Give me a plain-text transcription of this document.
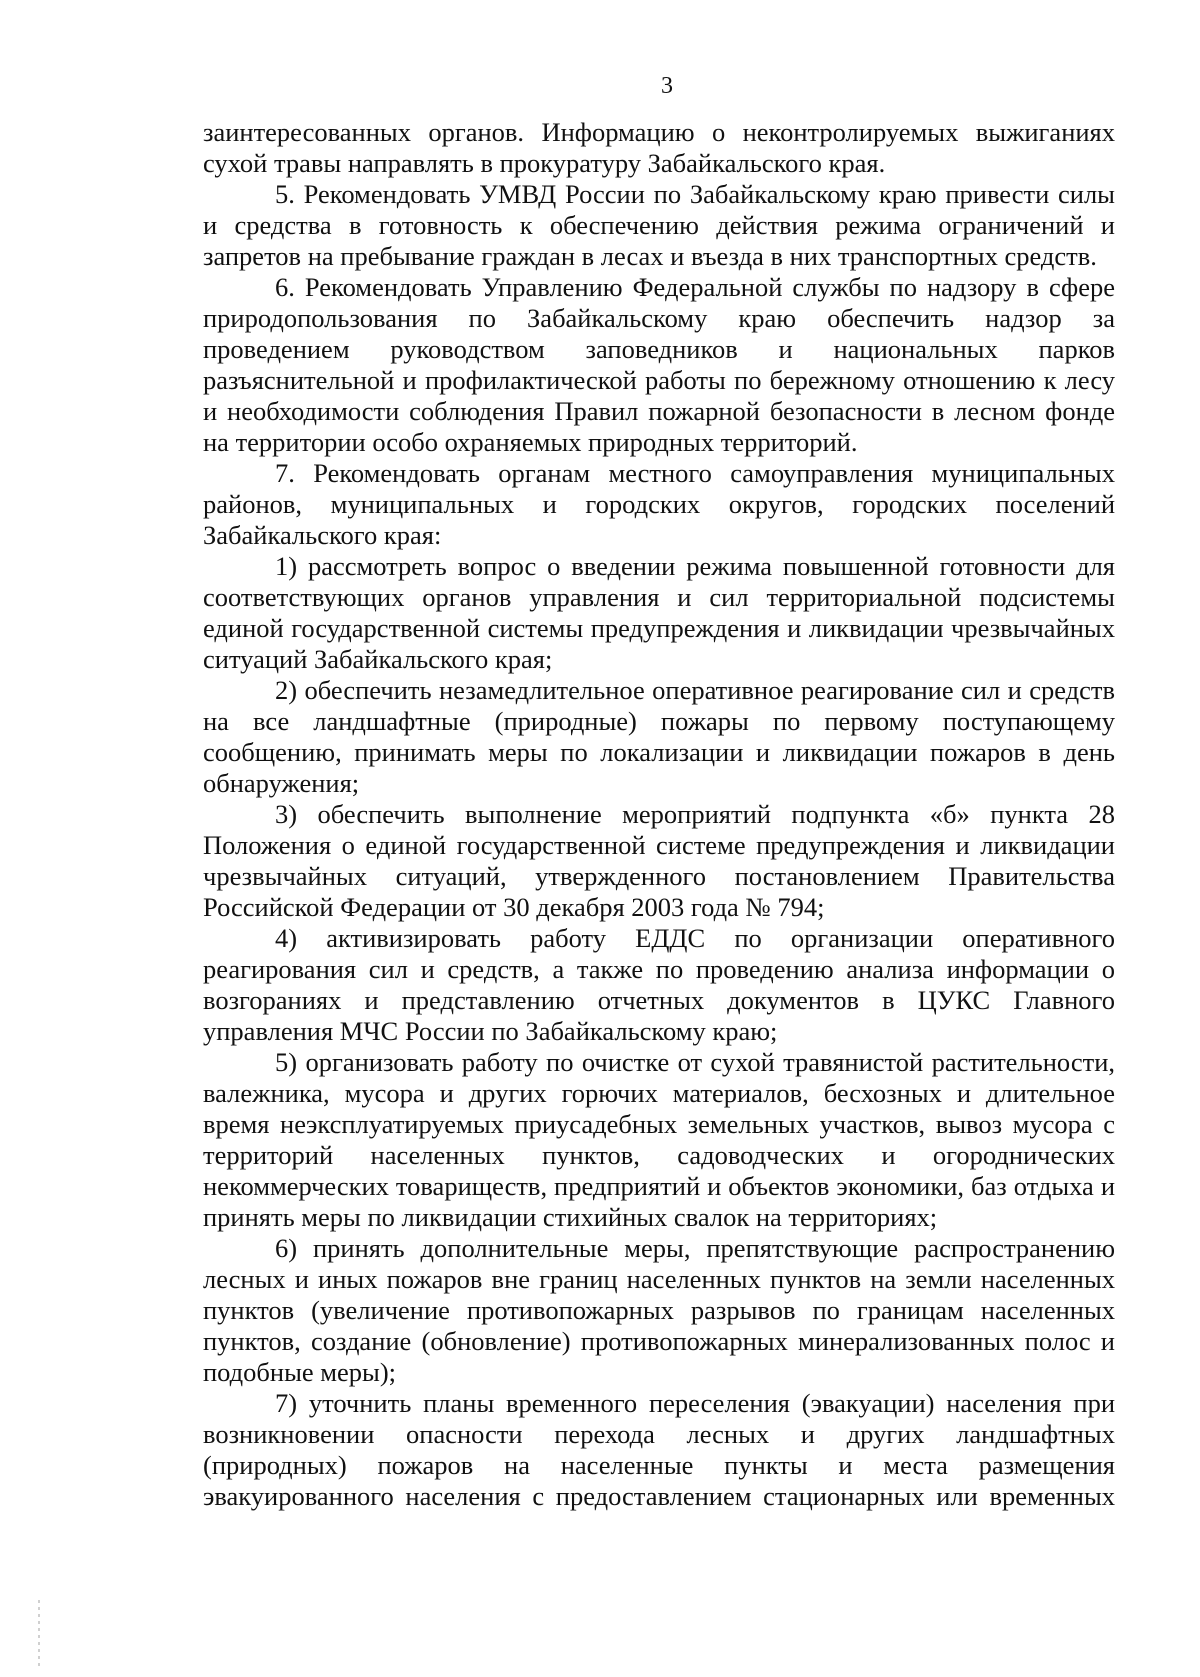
3

заинтересованных органов. Информацию о неконтролируемых выжиганиях сухой травы направлять в прокуратуру Забайкальского края.

5. Рекомендовать УМВД России по Забайкальскому краю привести силы и средства в готовность к обеспечению действия режима ограничений и запретов на пребывание граждан в лесах и въезда в них транспортных средств.

6. Рекомендовать Управлению Федеральной службы по надзору в сфере природопользования по Забайкальскому краю обеспечить надзор за проведением руководством заповедников и национальных парков разъяснительной и профилактической работы по бережному отношению к лесу и необходимости соблюдения Правил пожарной безопасности в лесном фонде на территории особо охраняемых природных территорий.

7. Рекомендовать органам местного самоуправления муниципальных районов, муниципальных и городских округов, городских поселений Забайкальского края:

1) рассмотреть вопрос о введении режима повышенной готовности для соответствующих органов управления и сил территориальной подсистемы единой государственной системы предупреждения и ликвидации чрезвычайных ситуаций Забайкальского края;

2) обеспечить незамедлительное оперативное реагирование сил и средств на все ландшафтные (природные) пожары по первому поступающему сообщению, принимать меры по локализации и ликвидации пожаров в день обнаружения;

3) обеспечить выполнение мероприятий подпункта «б» пункта 28 Положения о единой государственной системе предупреждения и ликвидации чрезвычайных ситуаций, утвержденного постановлением Правительства Российской Федерации от 30 декабря 2003 года № 794;

4) активизировать работу ЕДДС по организации оперативного реагирования сил и средств, а также по проведению анализа информации о возгораниях и представлению отчетных документов в ЦУКС Главного управления МЧС России по Забайкальскому краю;

5) организовать работу по очистке от сухой травянистой растительности, валежника, мусора и других горючих материалов, бесхозных и длительное время неэксплуатируемых приусадебных земельных участков, вывоз мусора с территорий населенных пунктов, садоводческих и огороднических некоммерческих товариществ, предприятий и объектов экономики, баз отдыха и принять меры по ликвидации стихийных свалок на территориях;

6) принять дополнительные меры, препятствующие распространению лесных и иных пожаров вне границ населенных пунктов на земли населенных пунктов (увеличение противопожарных разрывов по границам населенных пунктов, создание (обновление) противопожарных минерализованных полос и подобные меры);

7) уточнить планы временного переселения (эвакуации) населения при возникновении опасности перехода лесных и других ландшафтных (природных) пожаров на населенные пункты и места размещения эвакуированного населения с предоставлением стационарных или временных
